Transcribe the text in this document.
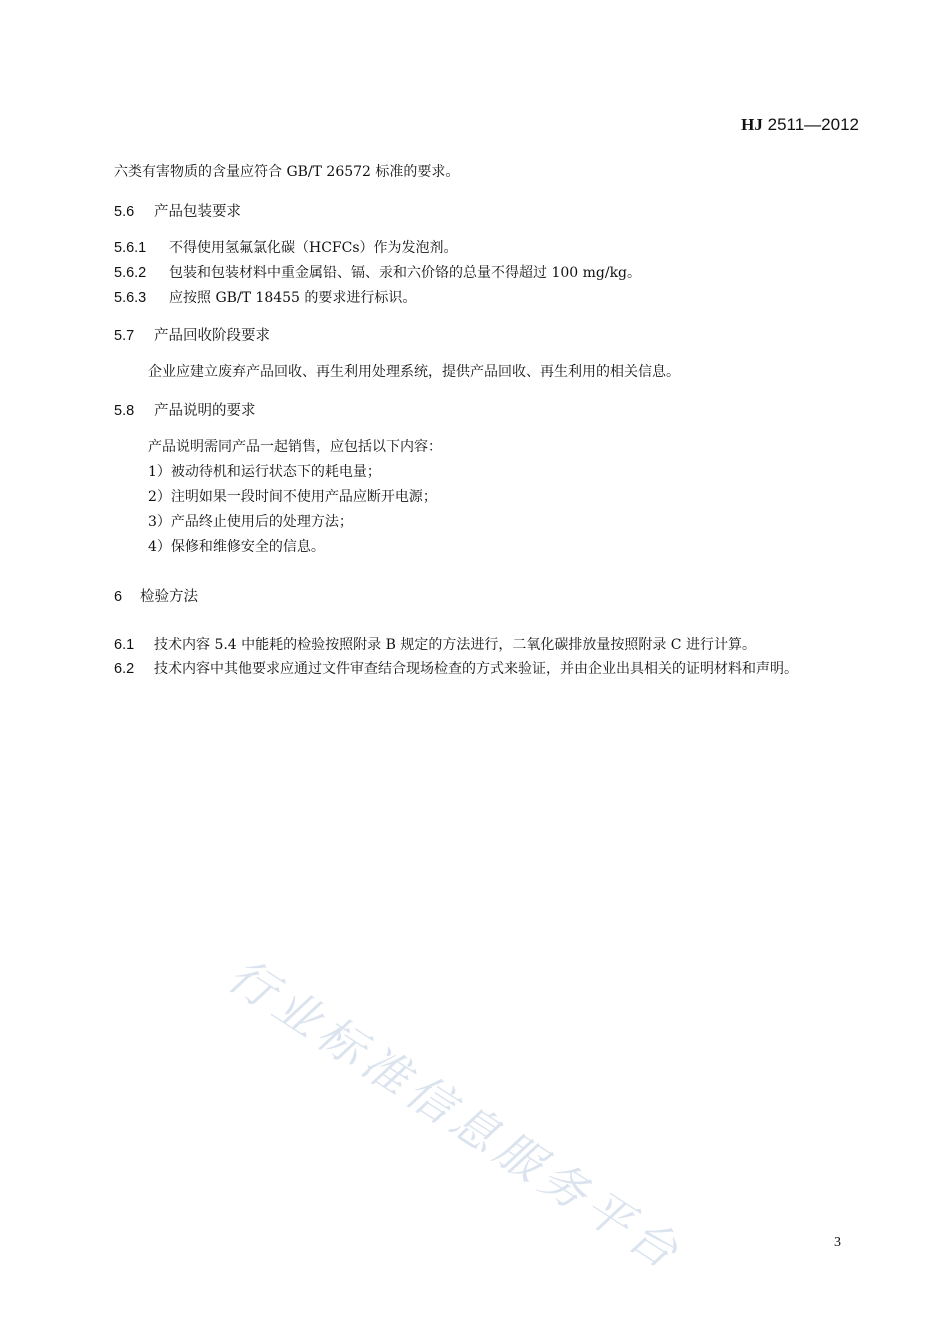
HJ 2511—2012
六类有害物质的含量应符合 GB/T 26572 标准的要求。
5.6 产品包装要求
5.6.1 不得使用氢氟氯化碳（HCFCs）作为发泡剂。
5.6.2 包装和包装材料中重金属铅、镉、汞和六价铬的总量不得超过 100 mg/kg。
5.6.3 应按照 GB/T 18455 的要求进行标识。
5.7 产品回收阶段要求
企业应建立废弃产品回收、再生利用处理系统，提供产品回收、再生利用的相关信息。
5.8 产品说明的要求
产品说明需同产品一起销售，应包括以下内容：
1）被动待机和运行状态下的耗电量；
2）注明如果一段时间不使用产品应断开电源；
3）产品终止使用后的处理方法；
4）保修和维修安全的信息。
6 检验方法
6.1 技术内容 5.4 中能耗的检验按照附录 B 规定的方法进行，二氧化碳排放量按照附录 C 进行计算。
6.2 技术内容中其他要求应通过文件审查结合现场检查的方式来验证，并由企业出具相关的证明材料和声明。
行业标准信息服务平台	3
